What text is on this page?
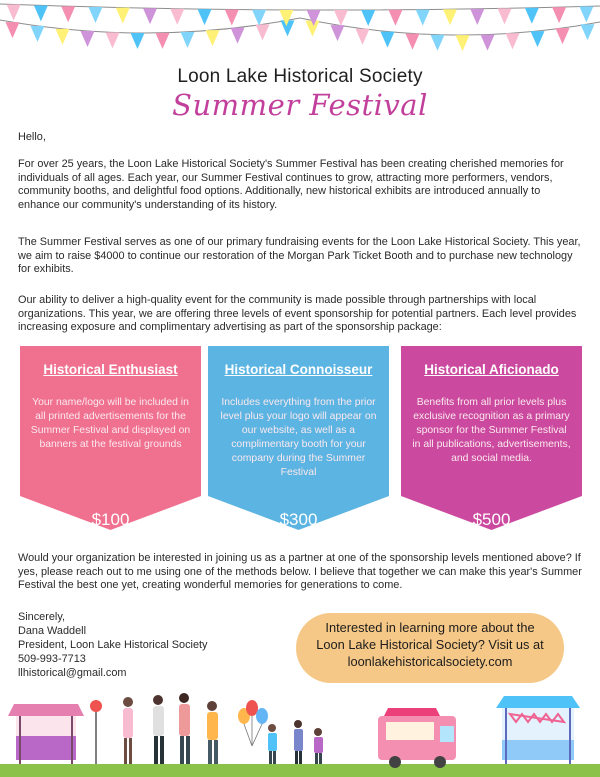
Loon Lake Historical Society
Summer Festival
Hello,
For over 25 years, the Loon Lake Historical Society's Summer Festival has been creating cherished memories for individuals of all ages. Each year, our Summer Festival continues to grow, attracting more performers, vendors, community booths, and delightful food options. Additionally, new historical exhibits are introduced annually to enhance our community's understanding of its history.
The Summer Festival serves as one of our primary fundraising events for the Loon Lake Historical Society. This year, we aim to raise $4000 to continue our restoration of the Morgan Park Ticket Booth and to purchase new technology for exhibits.
Our ability to deliver a high-quality event for the community is made possible through partnerships with local organizations. This year, we are offering three levels of event sponsorship for potential partners. Each level provides increasing exposure and complimentary advertising as part of the sponsorship package:
Historical Enthusiast
Your name/logo will be included in all printed advertisements for the Summer Festival and displayed on banners at the festival grounds
$100
Historical Connoisseur
Includes everything from the prior level plus your logo will appear on our website, as well as a complimentary booth for your company during the Summer Festival
$300
Historical Aficionado
Benefits from all prior levels plus exclusive recognition as a primary sponsor for the Summer Festival in all publications, advertisements, and social media.
$500
Would your organization be interested in joining us as a partner at one of the sponsorship levels mentioned above? If yes, please reach out to me using one of the methods below. I believe that together we can make this year's Summer Festival the best one yet, creating wonderful memories for generations to come.
Sincerely,
Dana Waddell
President, Loon Lake Historical Society
509-993-7713
llhistorical@gmail.com
Interested in learning more about the
Loon Lake Historical Society? Visit us at
loonlakehistoricalsociety.com
